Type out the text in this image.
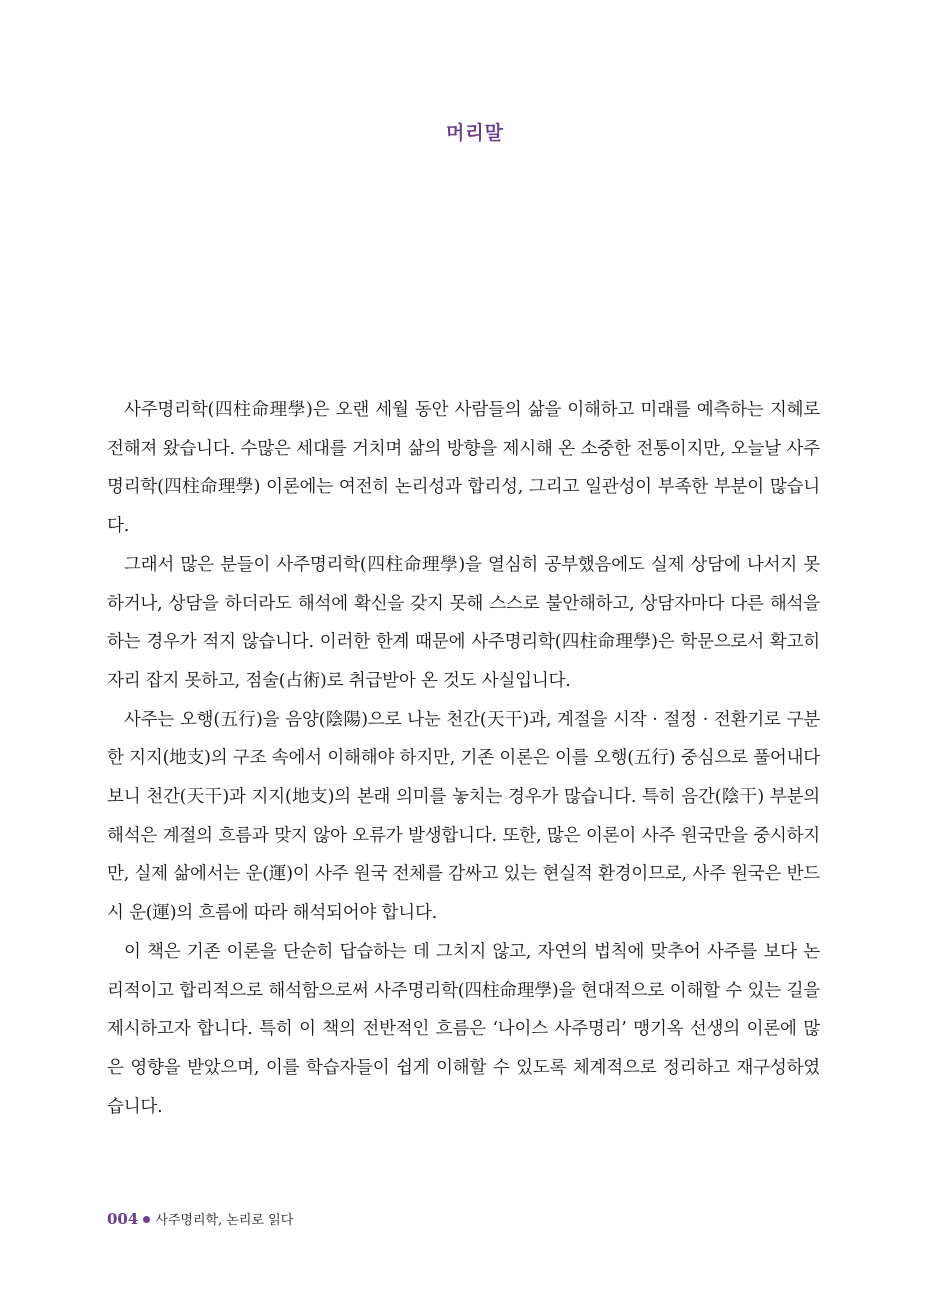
머리말

사주명리학(四柱命理學)은 오랜 세월 동안 사람들의 삶을 이해하고 미래를 예측하는 지혜로 전해져 왔습니다. 수많은 세대를 거치며 삶의 방향을 제시해 온 소중한 전통이지만, 오늘날 사주명리학(四柱命理學) 이론에는 여전히 논리성과 합리성, 그리고 일관성이 부족한 부분이 많습니다.

그래서 많은 분들이 사주명리학(四柱命理學)을 열심히 공부했음에도 실제 상담에 나서지 못하거나, 상담을 하더라도 해석에 확신을 갖지 못해 스스로 불안해하고, 상담자마다 다른 해석을 하는 경우가 적지 않습니다. 이러한 한계 때문에 사주명리학(四柱命理學)은 학문으로서 확고히 자리 잡지 못하고, 점술(占術)로 취급받아 온 것도 사실입니다.

사주는 오행(五行)을 음양(陰陽)으로 나눈 천간(天干)과, 계절을 시작 · 절정 · 전환기로 구분한 지지(地支)의 구조 속에서 이해해야 하지만, 기존 이론은 이를 오행(五行) 중심으로 풀어내다 보니 천간(天干)과 지지(地支)의 본래 의미를 놓치는 경우가 많습니다. 특히 음간(陰干) 부분의 해석은 계절의 흐름과 맞지 않아 오류가 발생합니다. 또한, 많은 이론이 사주 원국만을 중시하지만, 실제 삶에서는 운(運)이 사주 원국 전체를 감싸고 있는 현실적 환경이므로, 사주 원국은 반드시 운(運)의 흐름에 따라 해석되어야 합니다.

이 책은 기존 이론을 단순히 답습하는 데 그치지 않고, 자연의 법칙에 맞추어 사주를 보다 논리적이고 합리적으로 해석함으로써 사주명리학(四柱命理學)을 현대적으로 이해할 수 있는 길을 제시하고자 합니다. 특히 이 책의 전반적인 흐름은 ‘나이스 사주명리’ 맹기옥 선생의 이론에 많은 영향을 받았으며, 이를 학습자들이 쉽게 이해할 수 있도록 체계적으로 정리하고 재구성하였습니다.

004 사주명리학, 논리로 읽다
